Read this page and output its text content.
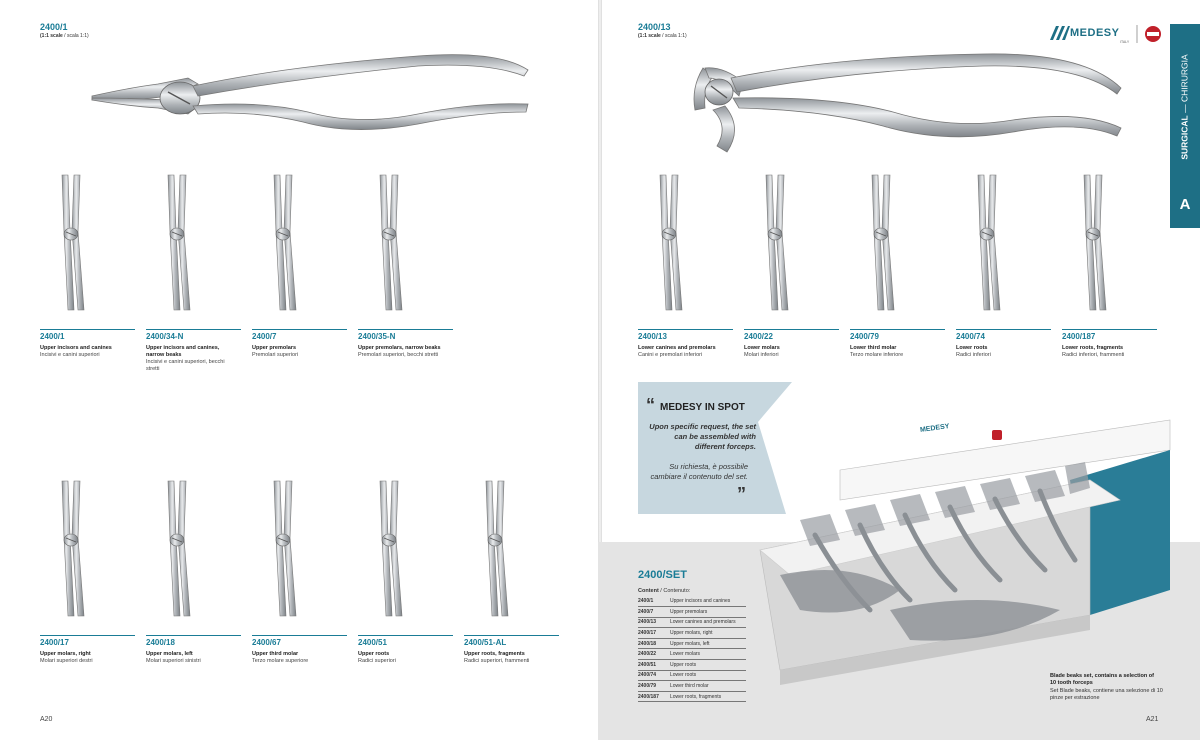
2400/1
(1:1 scale / scala 1:1)
2400/13
(1:1 scale / scala 1:1)	MEDESY
ITALY
SURGICAL — CHIRURGIA
A
2400/1
Upper incisors and canines
Incisivi e canini superiori
2400/34-N
Upper incisors and canines, narrow beaks
Incisivi e canini superiori, becchi stretti
2400/7
Upper premolars
Premolari superiori
2400/35-N
Upper premolars, narrow beaks
Premolari superiori, becchi stretti
2400/17
Upper molars, right
Molari superiori destri
2400/18
Upper molars, left
Molari superiori sinistri
2400/67
Upper third molar
Terzo molare superiore
2400/51
Upper roots
Radici superiori
2400/51-AL
Upper roots, fragments
Radici superiori, frammenti
2400/13
Lower canines and premolars
Canini e premolari inferiori
2400/22
Lower molars
Molari inferiori
2400/79
Lower third molar
Terzo molare inferiore
2400/74
Lower roots
Radici inferiori
2400/187
Lower roots, fragments
Radici inferiori, frammenti
MEDESY
“ MEDESY IN SPOT
Upon specific request, the set can be assembled with different forceps.
Su richiesta, è possibile cambiare il contenuto del set.
”
2400/SET
Content / Contenuto:
2400/1	Upper incisors and canines
2400/7	Upper premolars
2400/13	Lower canines and premolars
2400/17	Upper molars, right
2400/18	Upper molars, left
2400/22	Lower molars
2400/51	Upper roots
2400/74	Lower roots
2400/79	Lower third molar
2400/187	Lower roots, fragments
Blade beaks set, contains a selection of 10 tooth forceps
Set Blade beaks, contiene una selezione di 10 pinze per estrazione
A20	A21
